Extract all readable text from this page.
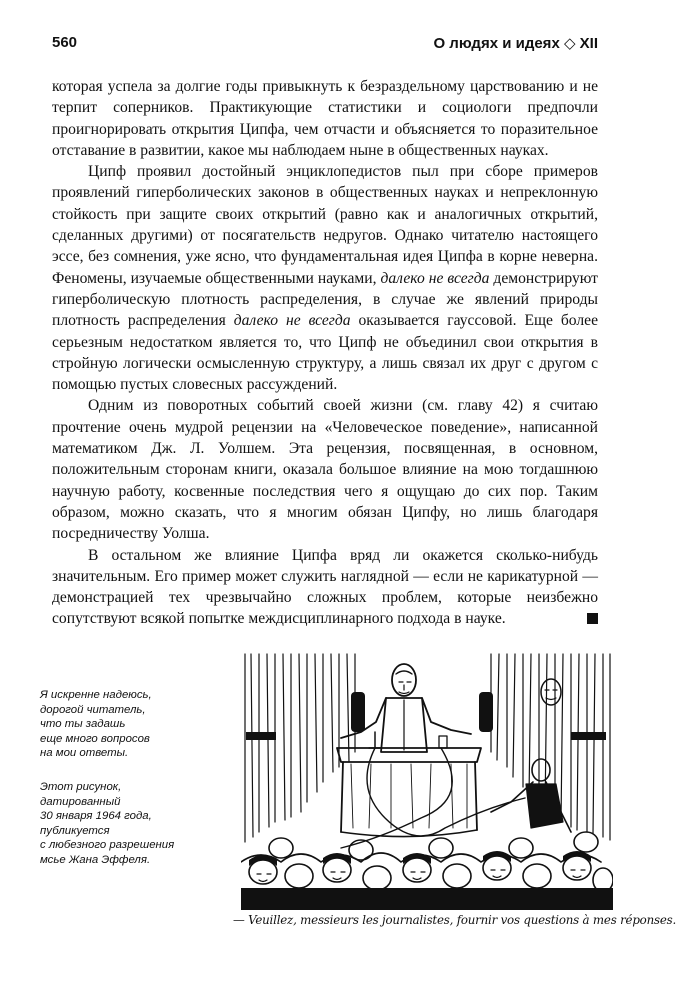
560	О людях и идеях ◇ XII

которая успела за долгие годы привыкнуть к безраздельному царствованию и не терпит соперников. Практикующие статистики и социологи предпочли проигнорировать открытия Ципфа, чем отчасти и объясняется то поразительное отставание в развитии, какое мы наблюдаем ныне в общественных науках.

Ципф проявил достойный энциклопедистов пыл при сборе примеров проявлений гиперболических законов в общественных науках и непреклонную стойкость при защите своих открытий (равно как и аналогичных открытий, сделанных другими) от посягательств недругов. Однако читателю настоящего эссе, без сомнения, уже ясно, что фундаментальная идея Ципфа в корне неверна. Феномены, изучаемые общественными науками, далеко не всегда демонстрируют гиперболическую плотность распределения, в случае же явлений природы плотность распределения далеко не всегда оказывается гауссовой. Еще более серьезным недостатком является то, что Ципф не объединил свои открытия в стройную логически осмысленную структуру, а лишь связал их друг с другом с помощью пустых словесных рассуждений.

Одним из поворотных событий своей жизни (см. главу 42) я считаю прочтение очень мудрой рецензии на «Человеческое поведение», написанной математиком Дж. Л. Уолшем. Эта рецензия, посвященная, в основном, положительным сторонам книги, оказала большое влияние на мою тогдашнюю научную работу, косвенные последствия чего я ощущаю до сих пор. Таким образом, можно сказать, что я многим обязан Ципфу, но лишь благодаря посредничеству Уолша.

В остальном же влияние Ципфа вряд ли окажется сколько-нибудь значительным. Его пример может служить наглядной — если не карикатурной — демонстрацией тех чрезвычайно сложных проблем, которые неизбежно сопутствуют всякой попытке междисциплинарного подхода в науке.

Я искренне надеюсь,
дорогой читатель,
что ты задашь
еще много вопросов
на мои ответы.
Этот рисунок,
датированный
30 января 1964 года,
публикуется
с любезного разрешения
мсье Жана Эффеля.
— Veuillez, messieurs les journalistes, fournir vos questions à mes réponses.
